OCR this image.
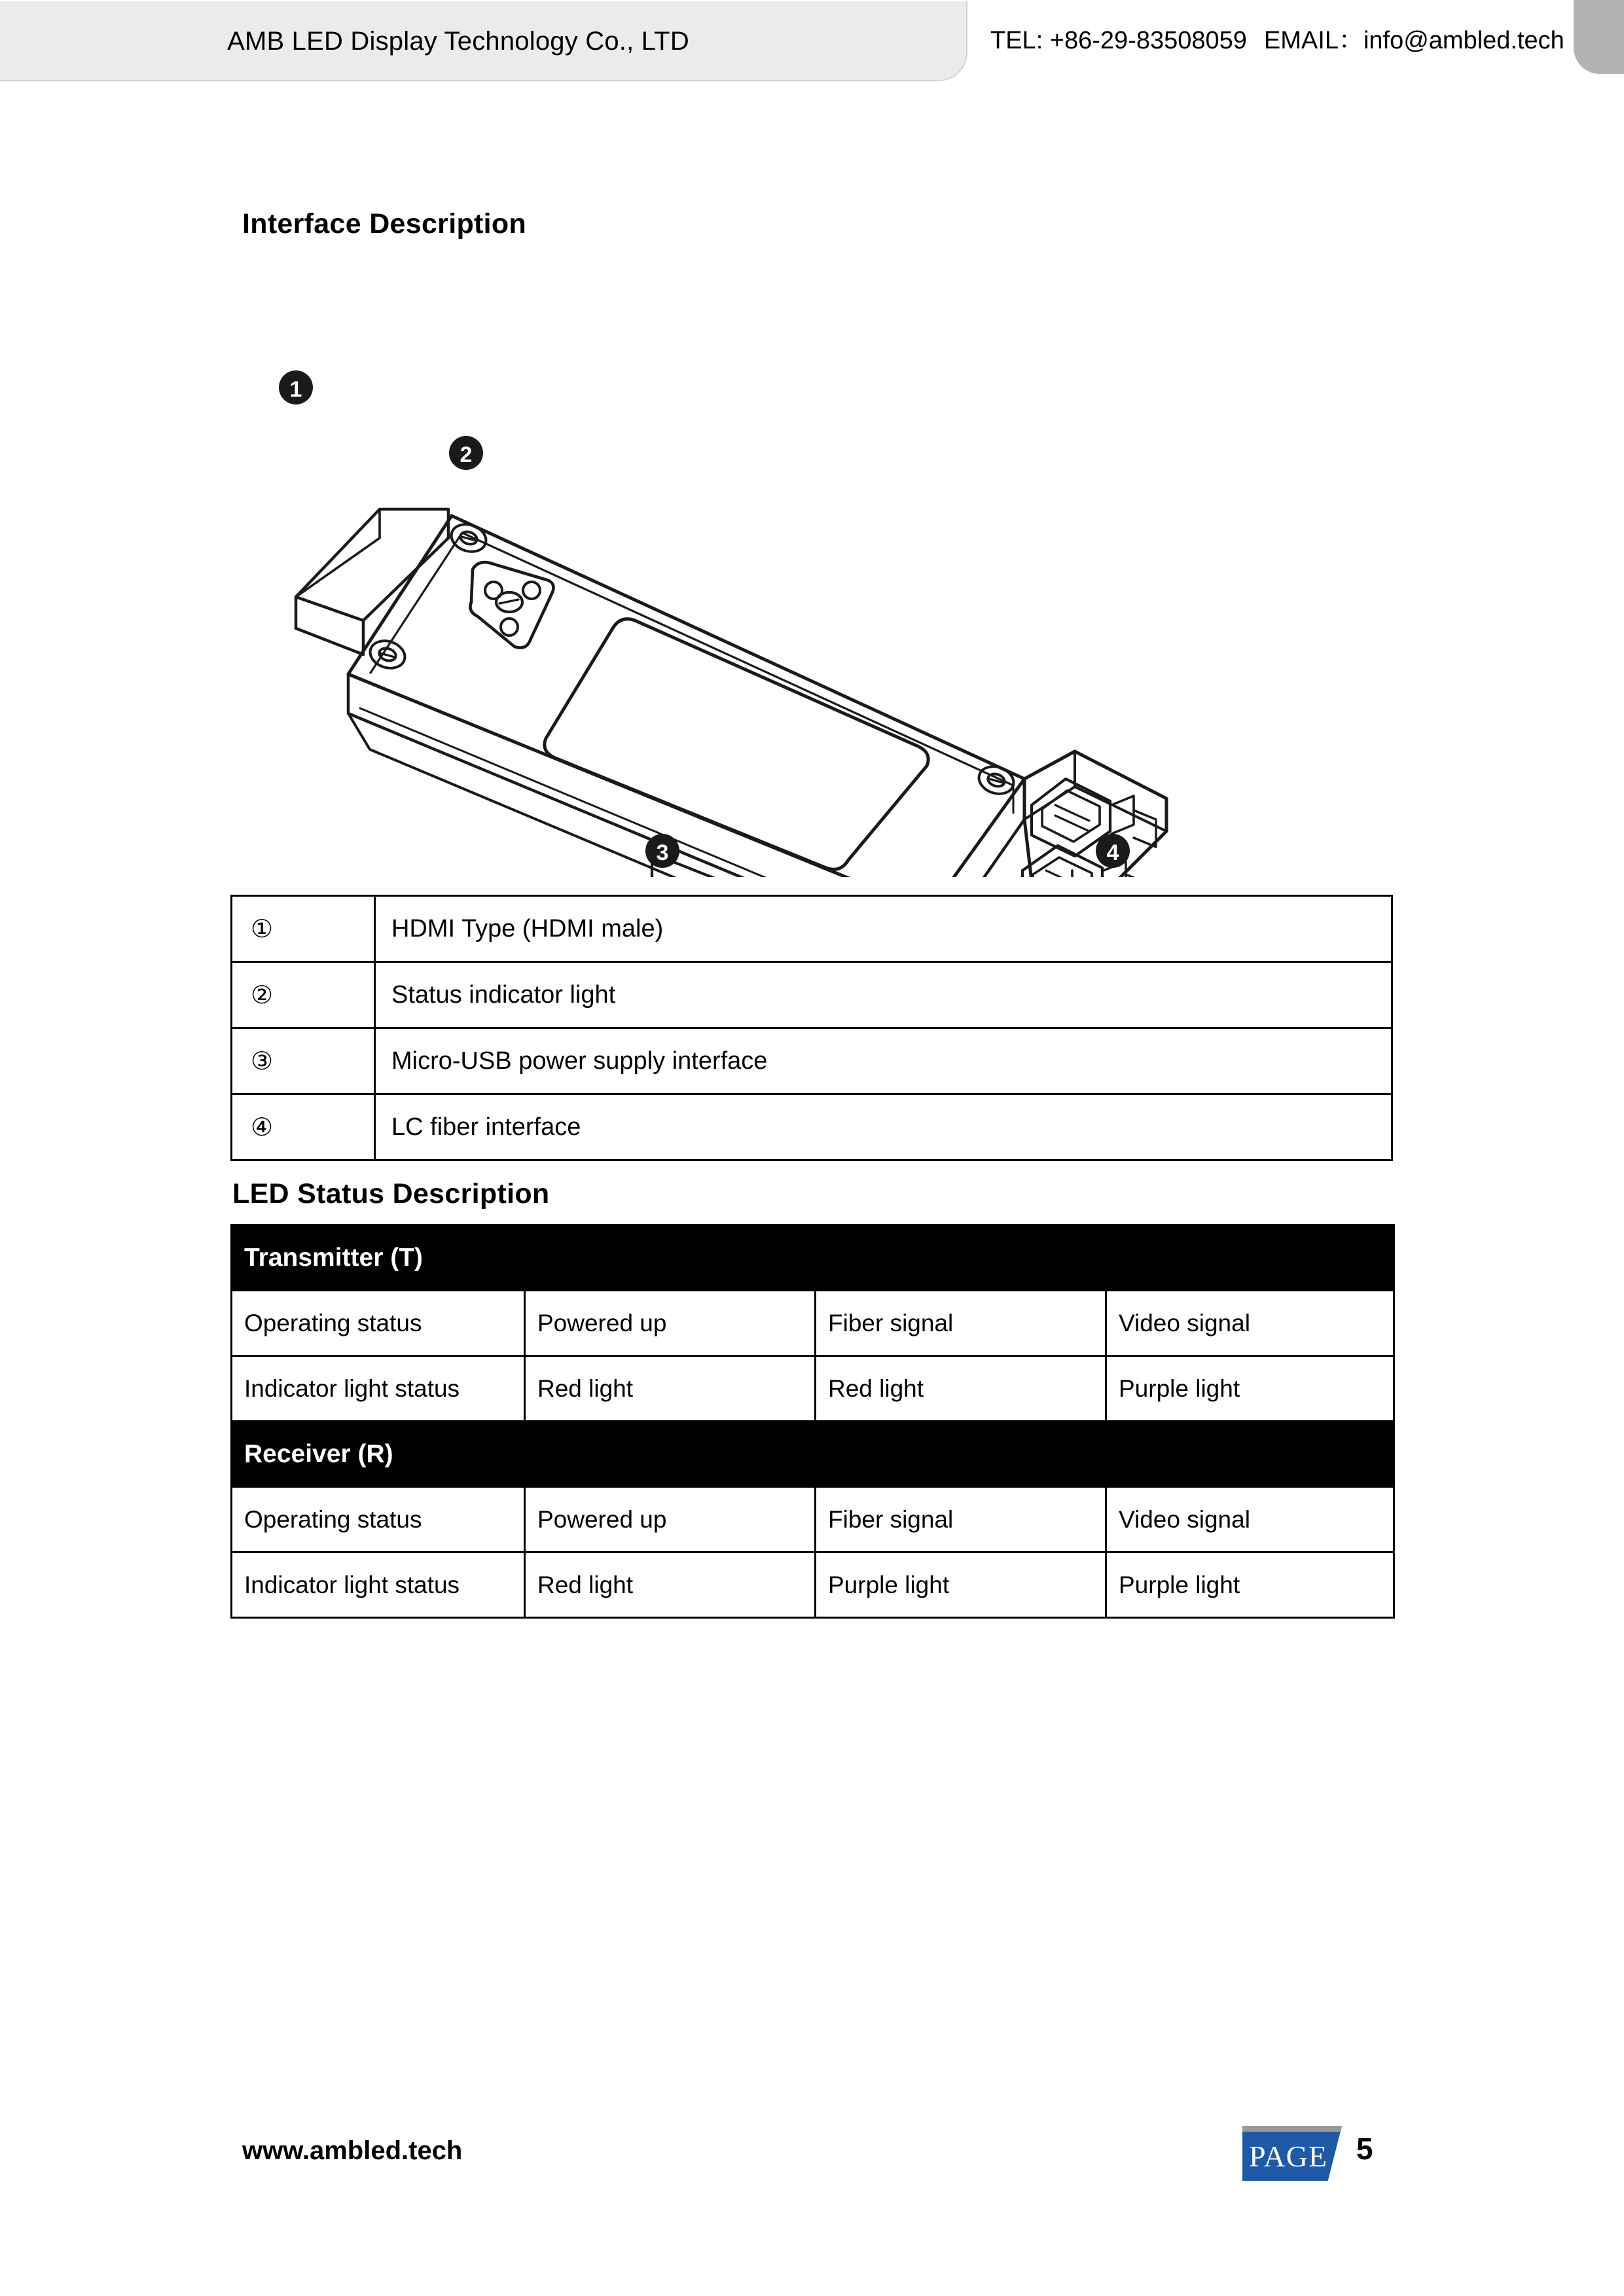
AMB LED Display Technology Co., LTD	TEL: +86-29-83508059 EMAIL：info@ambled.tech
Interface Description
1
2
3	4
①	HDMI Type (HDMI male)
②	Status indicator light
③	Micro-USB power supply interface
④	LC fiber interface
LED Status Description
Transmitter (T)			
Operating status	Powered up	Fiber signal	Video signal
Indicator light status	Red light	Red light	Purple light
Receiver (R)			
Operating status	Powered up	Fiber signal	Video signal
Indicator light status	Red light	Purple light	Purple light
www.ambled.tech	PAGE 5
